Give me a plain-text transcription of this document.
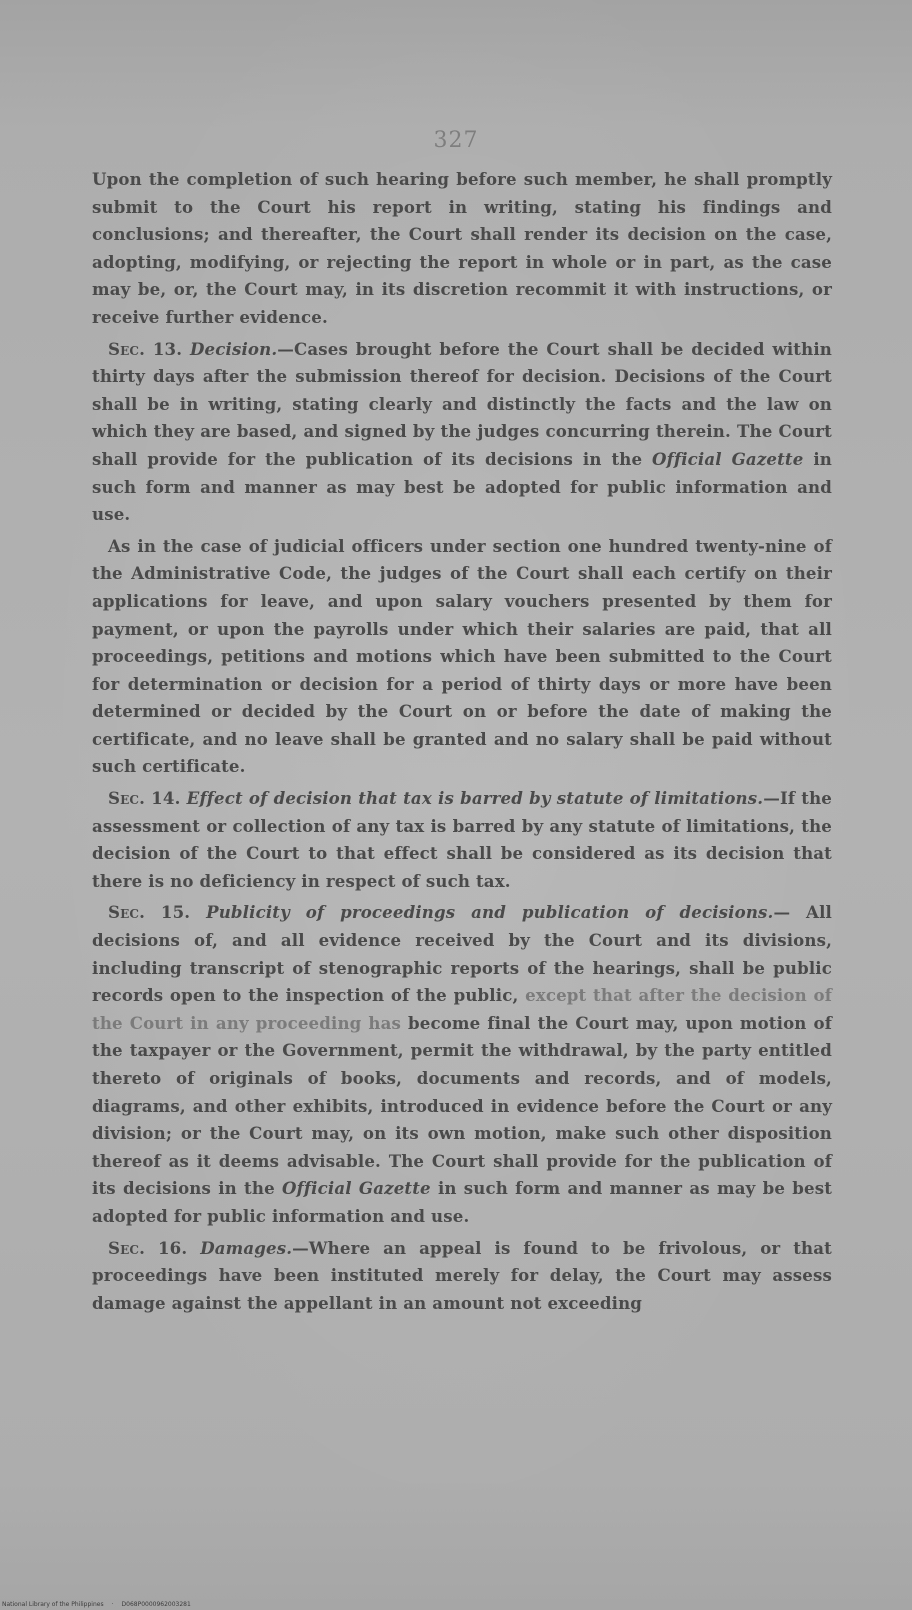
327

Upon the completion of such hearing before such member, he shall promptly submit to the Court his report in writing, stating his findings and conclusions; and thereafter, the Court shall render its decision on the case, adopting, modifying, or rejecting the report in whole or in part, as the case may be, or, the Court may, in its discretion recommit it with instructions, or receive further evidence.

Sec. 13. Decision.—Cases brought before the Court shall be decided within thirty days after the submission thereof for decision. Decisions of the Court shall be in writing, stating clearly and distinctly the facts and the law on which they are based, and signed by the judges concurring therein. The Court shall provide for the publication of its decisions in the Official Gazette in such form and manner as may best be adopted for public information and use.

As in the case of judicial officers under section one hundred twenty-nine of the Administrative Code, the judges of the Court shall each certify on their applications for leave, and upon salary vouchers presented by them for payment, or upon the payrolls under which their salaries are paid, that all proceedings, petitions and motions which have been submitted to the Court for determination or decision for a period of thirty days or more have been determined or decided by the Court on or before the date of making the certificate, and no leave shall be granted and no salary shall be paid without such certificate.

Sec. 14. Effect of decision that tax is barred by statute of limitations.—If the assessment or collection of any tax is barred by any statute of limitations, the decision of the Court to that effect shall be considered as its decision that there is no deficiency in respect of such tax.

Sec. 15. Publicity of proceedings and publication of decisions.— All decisions of, and all evidence received by the Court and its divisions, including transcript of stenographic reports of the hearings, shall be public records open to the inspection of the public, except that after the decision of the Court in any proceeding has become final the Court may, upon motion of the taxpayer or the Government, permit the withdrawal, by the party entitled thereto of originals of books, documents and records, and of models, diagrams, and other exhibits, introduced in evidence before the Court or any division; or the Court may, on its own motion, make such other disposition thereof as it deems advisable. The Court shall provide for the publication of its decisions in the Official Gazette in such form and manner as may be best adopted for public information and use.

Sec. 16. Damages.—Where an appeal is found to be frivolous, or that proceedings have been instituted merely for delay, the Court may assess damage against the appellant in an amount not exceeding

National Library of the Philippines · D068P0000962003281
